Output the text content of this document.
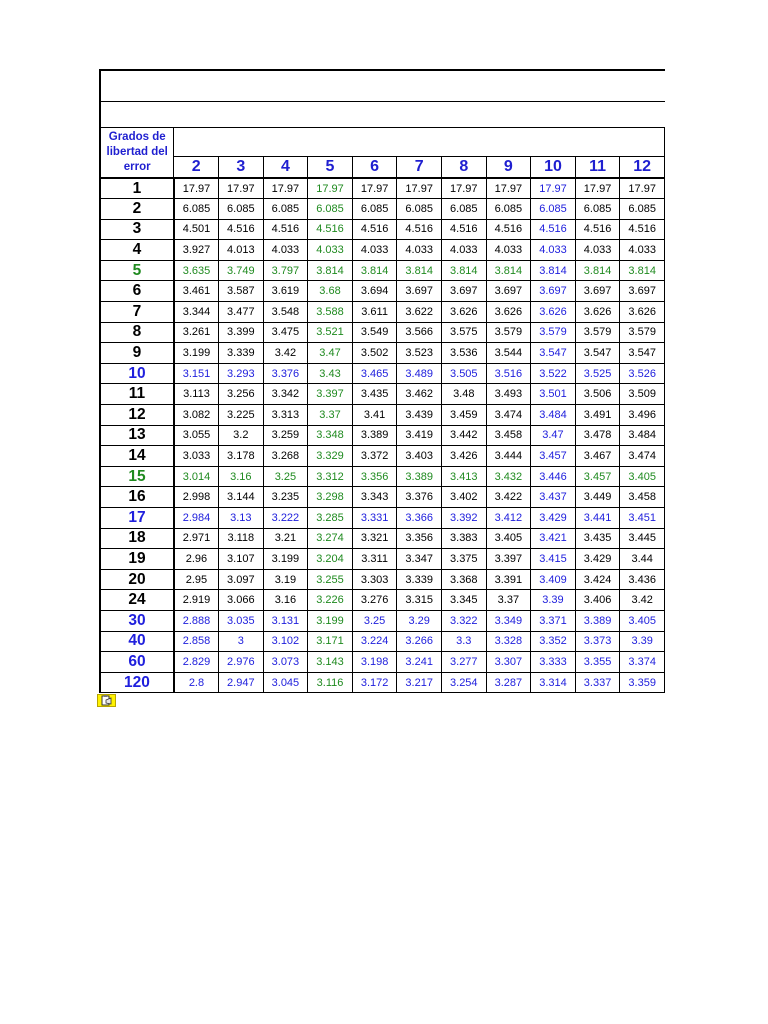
Grados de
libertad del
error											

	2	3	4	5	6	7	8	9	10	11	12
1	17.97	17.97	17.97	17.97	17.97	17.97	17.97	17.97	17.97	17.97	17.97
2	6.085	6.085	6.085	6.085	6.085	6.085	6.085	6.085	6.085	6.085	6.085
3	4.501	4.516	4.516	4.516	4.516	4.516	4.516	4.516	4.516	4.516	4.516
4	3.927	4.013	4.033	4.033	4.033	4.033	4.033	4.033	4.033	4.033	4.033
5	3.635	3.749	3.797	3.814	3.814	3.814	3.814	3.814	3.814	3.814	3.814
6	3.461	3.587	3.619	3.68	3.694	3.697	3.697	3.697	3.697	3.697	3.697
7	3.344	3.477	3.548	3.588	3.611	3.622	3.626	3.626	3.626	3.626	3.626
8	3.261	3.399	3.475	3.521	3.549	3.566	3.575	3.579	3.579	3.579	3.579
9	3.199	3.339	3.42	3.47	3.502	3.523	3.536	3.544	3.547	3.547	3.547
10	3.151	3.293	3.376	3.43	3.465	3.489	3.505	3.516	3.522	3.525	3.526
11	3.113	3.256	3.342	3.397	3.435	3.462	3.48	3.493	3.501	3.506	3.509
12	3.082	3.225	3.313	3.37	3.41	3.439	3.459	3.474	3.484	3.491	3.496
13	3.055	3.2	3.259	3.348	3.389	3.419	3.442	3.458	3.47	3.478	3.484
14	3.033	3.178	3.268	3.329	3.372	3.403	3.426	3.444	3.457	3.467	3.474
15	3.014	3.16	3.25	3.312	3.356	3.389	3.413	3.432	3.446	3.457	3.405
16	2.998	3.144	3.235	3.298	3.343	3.376	3.402	3.422	3.437	3.449	3.458
17	2.984	3.13	3.222	3.285	3.331	3.366	3.392	3.412	3.429	3.441	3.451
18	2.971	3.118	3.21	3.274	3.321	3.356	3.383	3.405	3.421	3.435	3.445
19	2.96	3.107	3.199	3.204	3.311	3.347	3.375	3.397	3.415	3.429	3.44
20	2.95	3.097	3.19	3.255	3.303	3.339	3.368	3.391	3.409	3.424	3.436
24	2.919	3.066	3.16	3.226	3.276	3.315	3.345	3.37	3.39	3.406	3.42
30	2.888	3.035	3.131	3.199	3.25	3.29	3.322	3.349	3.371	3.389	3.405
40	2.858	3	3.102	3.171	3.224	3.266	3.3	3.328	3.352	3.373	3.39
60	2.829	2.976	3.073	3.143	3.198	3.241	3.277	3.307	3.333	3.355	3.374
120	2.8	2.947	3.045	3.116	3.172	3.217	3.254	3.287	3.314	3.337	3.359
